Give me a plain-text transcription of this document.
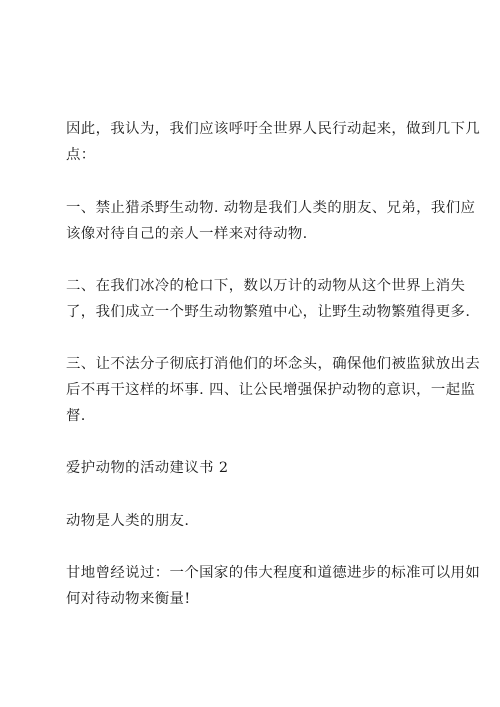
因此，我认为，我们应该呼吁全世界人民行动起来，做到几下几
点：

一、禁止猎杀野生动物. 动物是我们人类的朋友、兄弟，我们应
该像对待自己的亲人一样来对待动物.

二、在我们冰冷的枪口下，数以万计的动物从这个世界上消失
了，我们成立一个野生动物繁殖中心，让野生动物繁殖得更多.

三、让不法分子彻底打消他们的坏念头，确保他们被监狱放出去
后不再干这样的坏事. 四、让公民增强保护动物的意识，一起监
督.

爱护动物的活动建议书 2

动物是人类的朋友.

甘地曾经说过：一个国家的伟大程度和道德进步的标准可以用如
何对待动物来衡量!
